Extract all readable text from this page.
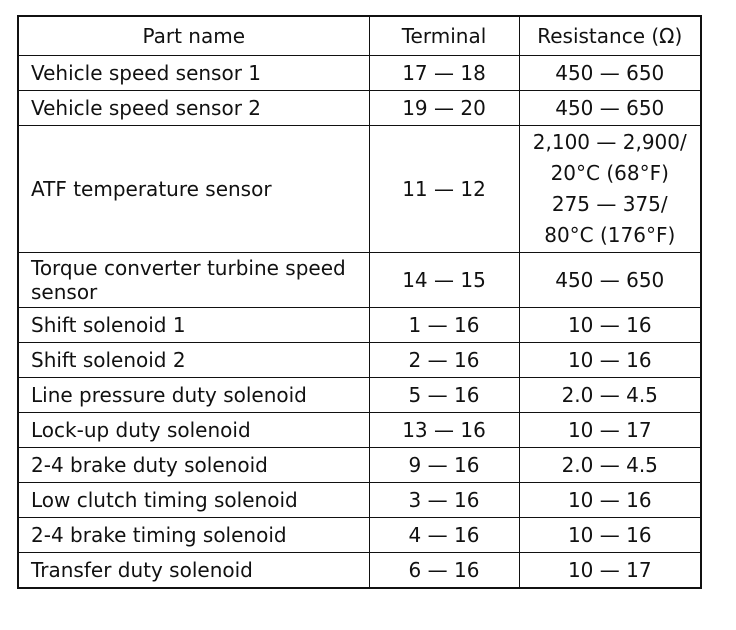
Part name	Terminal	Resistance (Ω)
Vehicle speed sensor 1	17 — 18	450 — 650
Vehicle speed sensor 2	19 — 20	450 — 650
ATF temperature sensor	11 — 12	2,100 — 2,900/
20°C (68°F)
275 — 375/
80°C (176°F)

Torque converter turbine speed sensor	14 — 15	450 — 650
Shift solenoid 1	1 — 16	10 — 16
Shift solenoid 2	2 — 16	10 — 16
Line pressure duty solenoid	5 — 16	2.0 — 4.5
Lock-up duty solenoid	13 — 16	10 — 17
2-4 brake duty solenoid	9 — 16	2.0 — 4.5
Low clutch timing solenoid	3 — 16	10 — 16
2-4 brake timing solenoid	4 — 16	10 — 16
Transfer duty solenoid	6 — 16	10 — 17
